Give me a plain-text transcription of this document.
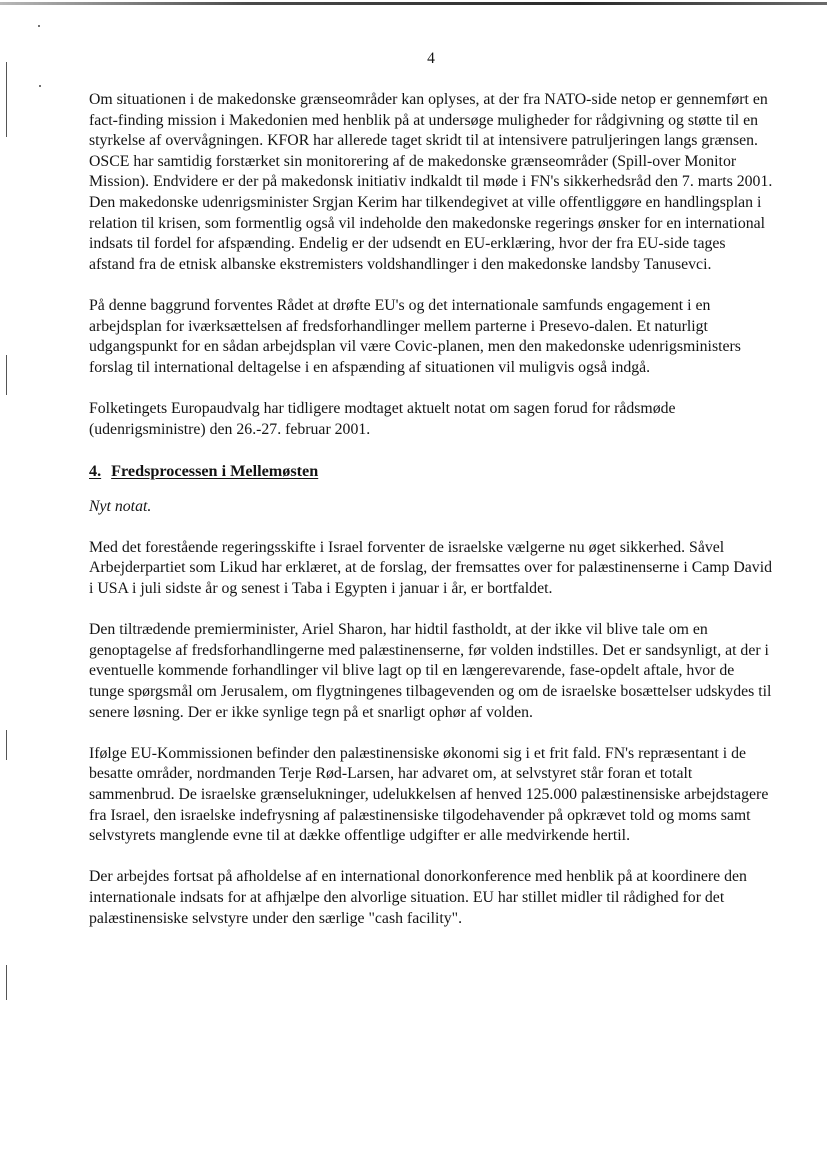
4

Om situationen i de makedonske grænseområder kan oplyses, at der fra NATO-side netop er gennemført en fact-finding mission i Makedonien med henblik på at undersøge muligheder for rådgivning og støtte til en styrkelse af overvågningen. KFOR har allerede taget skridt til at intensivere patruljeringen langs grænsen. OSCE har samtidig forstærket sin monitorering af de makedonske grænseområder (Spill-over Monitor Mission). Endvidere er der på makedonsk initiativ indkaldt til møde i FN's sikkerhedsråd den 7. marts 2001. Den makedonske udenrigsminister Srgjan Kerim har tilkendegivet at ville offentliggøre en handlingsplan i relation til krisen, som formentlig også vil indeholde den makedonske regerings ønsker for en international indsats til fordel for afspænding. Endelig er der udsendt en EU-erklæring, hvor der fra EU-side tages afstand fra de etnisk albanske ekstremisters voldshandlinger i den makedonske landsby Tanusevci.

På denne baggrund forventes Rådet at drøfte EU's og det internationale samfunds engagement i en arbejdsplan for iværksættelsen af fredsforhandlinger mellem parterne i Presevo-dalen. Et naturligt udgangspunkt for en sådan arbejdsplan vil være Covic-planen, men den makedonske udenrigsministers forslag til international deltagelse i en afspænding af situationen vil muligvis også indgå.

Folketingets Europaudvalg har tidligere modtaget aktuelt notat om sagen forud for rådsmøde (udenrigsministre) den 26.-27. februar 2001.

4. Fredsprocessen i Mellemøsten

Nyt notat.

Med det forestående regeringsskifte i Israel forventer de israelske vælgerne nu øget sikkerhed. Såvel Arbejderpartiet som Likud har erklæret, at de forslag, der fremsattes over for palæstinenserne i Camp David i USA i juli sidste år og senest i Taba i Egypten i januar i år, er bortfaldet.

Den tiltrædende premierminister, Ariel Sharon, har hidtil fastholdt, at der ikke vil blive tale om en genoptagelse af fredsforhandlingerne med palæstinenserne, før volden indstilles. Det er sandsynligt, at der i eventuelle kommende forhandlinger vil blive lagt op til en længerevarende, fase-opdelt aftale, hvor de tunge spørgsmål om Jerusalem, om flygtningenes tilbagevenden og om de israelske bosættelser udskydes til senere løsning. Der er ikke synlige tegn på et snarligt ophør af volden.

Ifølge EU-Kommissionen befinder den palæstinensiske økonomi sig i et frit fald. FN's repræsentant i de besatte områder, nordmanden Terje Rød-Larsen, har advaret om, at selvstyret står foran et totalt sammenbrud. De israelske grænselukninger, udelukkelsen af henved 125.000 palæstinensiske arbejdstagere fra Israel, den israelske indefrysning af palæstinensiske tilgodehavender på opkrævet told og moms samt selvstyrets manglende evne til at dække offentlige udgifter er alle medvirkende hertil.

Der arbejdes fortsat på afholdelse af en international donorkonference med henblik på at koordinere den internationale indsats for at afhjælpe den alvorlige situation. EU har stillet midler til rådighed for det palæstinensiske selvstyre under den særlige "cash facility".
